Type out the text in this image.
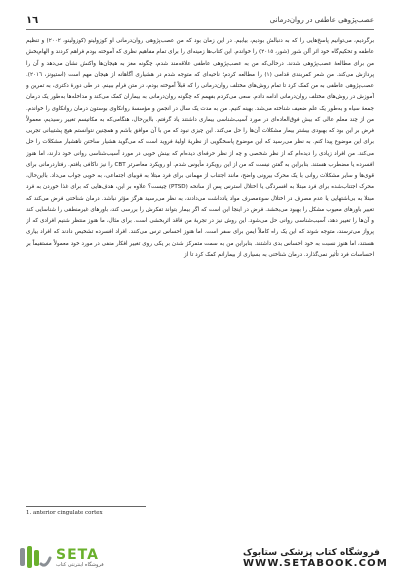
١٦	عصب‌پژوهی عاطفی در روان‌درمانی

برگردیم، می‌توانیم پاسخ‌هایی را که به دنبالش بودیم، بیابیم. در این زمان بود که من عصب‌پژوهی روان‌درمانی او کوزولینو (کوزولینو، ٢٠٠٢) و تنظیم عاطفه و تحکیم‌گاه خود اثر آلن شور (شور، ٢٠١٥) را خواندم. این کتاب‌ها زمینه‌ای را برای تمام مفاهیم نظری که آموخته بودم فراهم کردند و الهام‌بخش من برای مطالعهٔ عصب‌پژوهی شدند. درحالی‌که من به عصب‌پژوهی عاطفی علاقه‌مند شدم، چگونه مغز به هیجان‌ها واکنش نشان می‌دهد و آن را پردازش می‌کند. من شعر کمربندی قدامی (١) را مطالعه کردم؛ ناحیه‌ای که متوجه شدم در هشیاری آگاهانه از هیجان مهم است (استیونز، ٢٠١٦). عصب‌پژوهی عاطفی به من کمک کرد تا تمام روش‌های مختلف روان‌درمانی را که قبلاً آموخته بودم، در متن فرام ببینم. در طی دورهٔ دکتری، به تمرین و آموزش در روش‌های مختلف روان‌درمانی ادامه دادم. سعی می‌کردم بفهمم که چگونه روان‌درمانی به بیماران کمک می‌کند و مداخله‌ها به‌طور یک درمان جمعهٔ سیاه و به‌طور یک علم ضعیف شناخته می‌شد. بهینه کنیم. من به مدت یک سال در انجمن و مؤسسهٔ روانکاوی بوستون درمان روانکاوی را خواندم. من از چند معلم عالی که بیش فوق‌العاده‌ای در مورد آسیب‌شناسی بیماری داشتند یاد گرفتم. بااین‌حال، هنگامی‌که به مکانیسم تغییر رسیدیم، معمولاً فرض بر این بود که بهبودی بیشتر بیمار مشکلات آن‌ها را حل می‌کند. این چیزی نبود که من با آن موافق باشم و همچنین نتوانستم هیچ پشتیبانی تجربی برای این موضوع پیدا کنم. به نظر می‌رسید که این موضوع پاسخگویی از نظریهٔ اولیهٔ فروید است که می‌گوید هشیار ساختن ناهشیار مشکلات را حل می‌کند. من افراد زیادی را دیده‌ام که از نظر شخصی و چه از نظر حرفه‌ای دیده‌ام که بینش خوبی در مورد آسیب‌شناسی روانی خود دارند، اما هنوز افسرده یا مضطرب هستند. بنابراین به گفتن نیست که من از این رویکرد مأیوس شدم. او رویکرد معاصرتر CBT را نیز ناکافی یافتم. رفتاردرمانی برای قوی‌ها و سایر مشکلات روانی با یک محرک بیرونی واضح، مانند اجتناب از مهمانی برای فرد مبتلا به فوبیای اجتماعی، به خوبی جواب می‌داد. بااین‌حال، محرک اجتناب‌شده برای فرد مبتلا به افسردگی یا اختلال استرس پس از سانحه (PTSD) چیست؟ علاوه بر این، هدف‌هایی که برای غذا خوردن به فرد مبتلا به بی‌اشتهایی یا عدم مصرف در اختلال سوءمصرف مواد یادداشت می‌دادند، به نظر می‌رسید هرگز مؤثر نباشد. درمان شناختی فرض می‌کند که تغییر باورهای معیوب مشکل را بهبود می‌بخشد. فرض در اینجا این است که اگر بیمار بتواند تفکرش را بررسی کند، باورهای غیرمنطقی را شناسایی کند و آن‌ها را تغییر دهد، آسیب‌شناسی روانی حل می‌شود. این روش نیز در تجربهٔ من فاقد اثربخشی است. برای مثال، ما هنوز منتظر شنیم افرادی که از پرواز می‌ترسند، متوجه شوند که این یک راه کاملاً ایمن برای سفر است. اما هنوز احساس ترس می‌کنند. افراد افسرده تشخیص دادند که افراد بیاری هستند، اما هنوز نسبت به خود احساس بدی داشتند. بنابراین من به سمت متمرکز شدن بر یکی روی تغییر افکار منفی در مورد خود معمولاً مستقیماً بر احساسات فرد تأثیر نمی‌گذارد. درمان شناختی به بسیاری از بیمارانم کمک کرد تا از

1. anterior cingulate cortex
SETA
فروشگاه اینترنتی کتاب
فروشگاه کتاب پزشکی ستابوک
WWW.SETABOOK.COM
